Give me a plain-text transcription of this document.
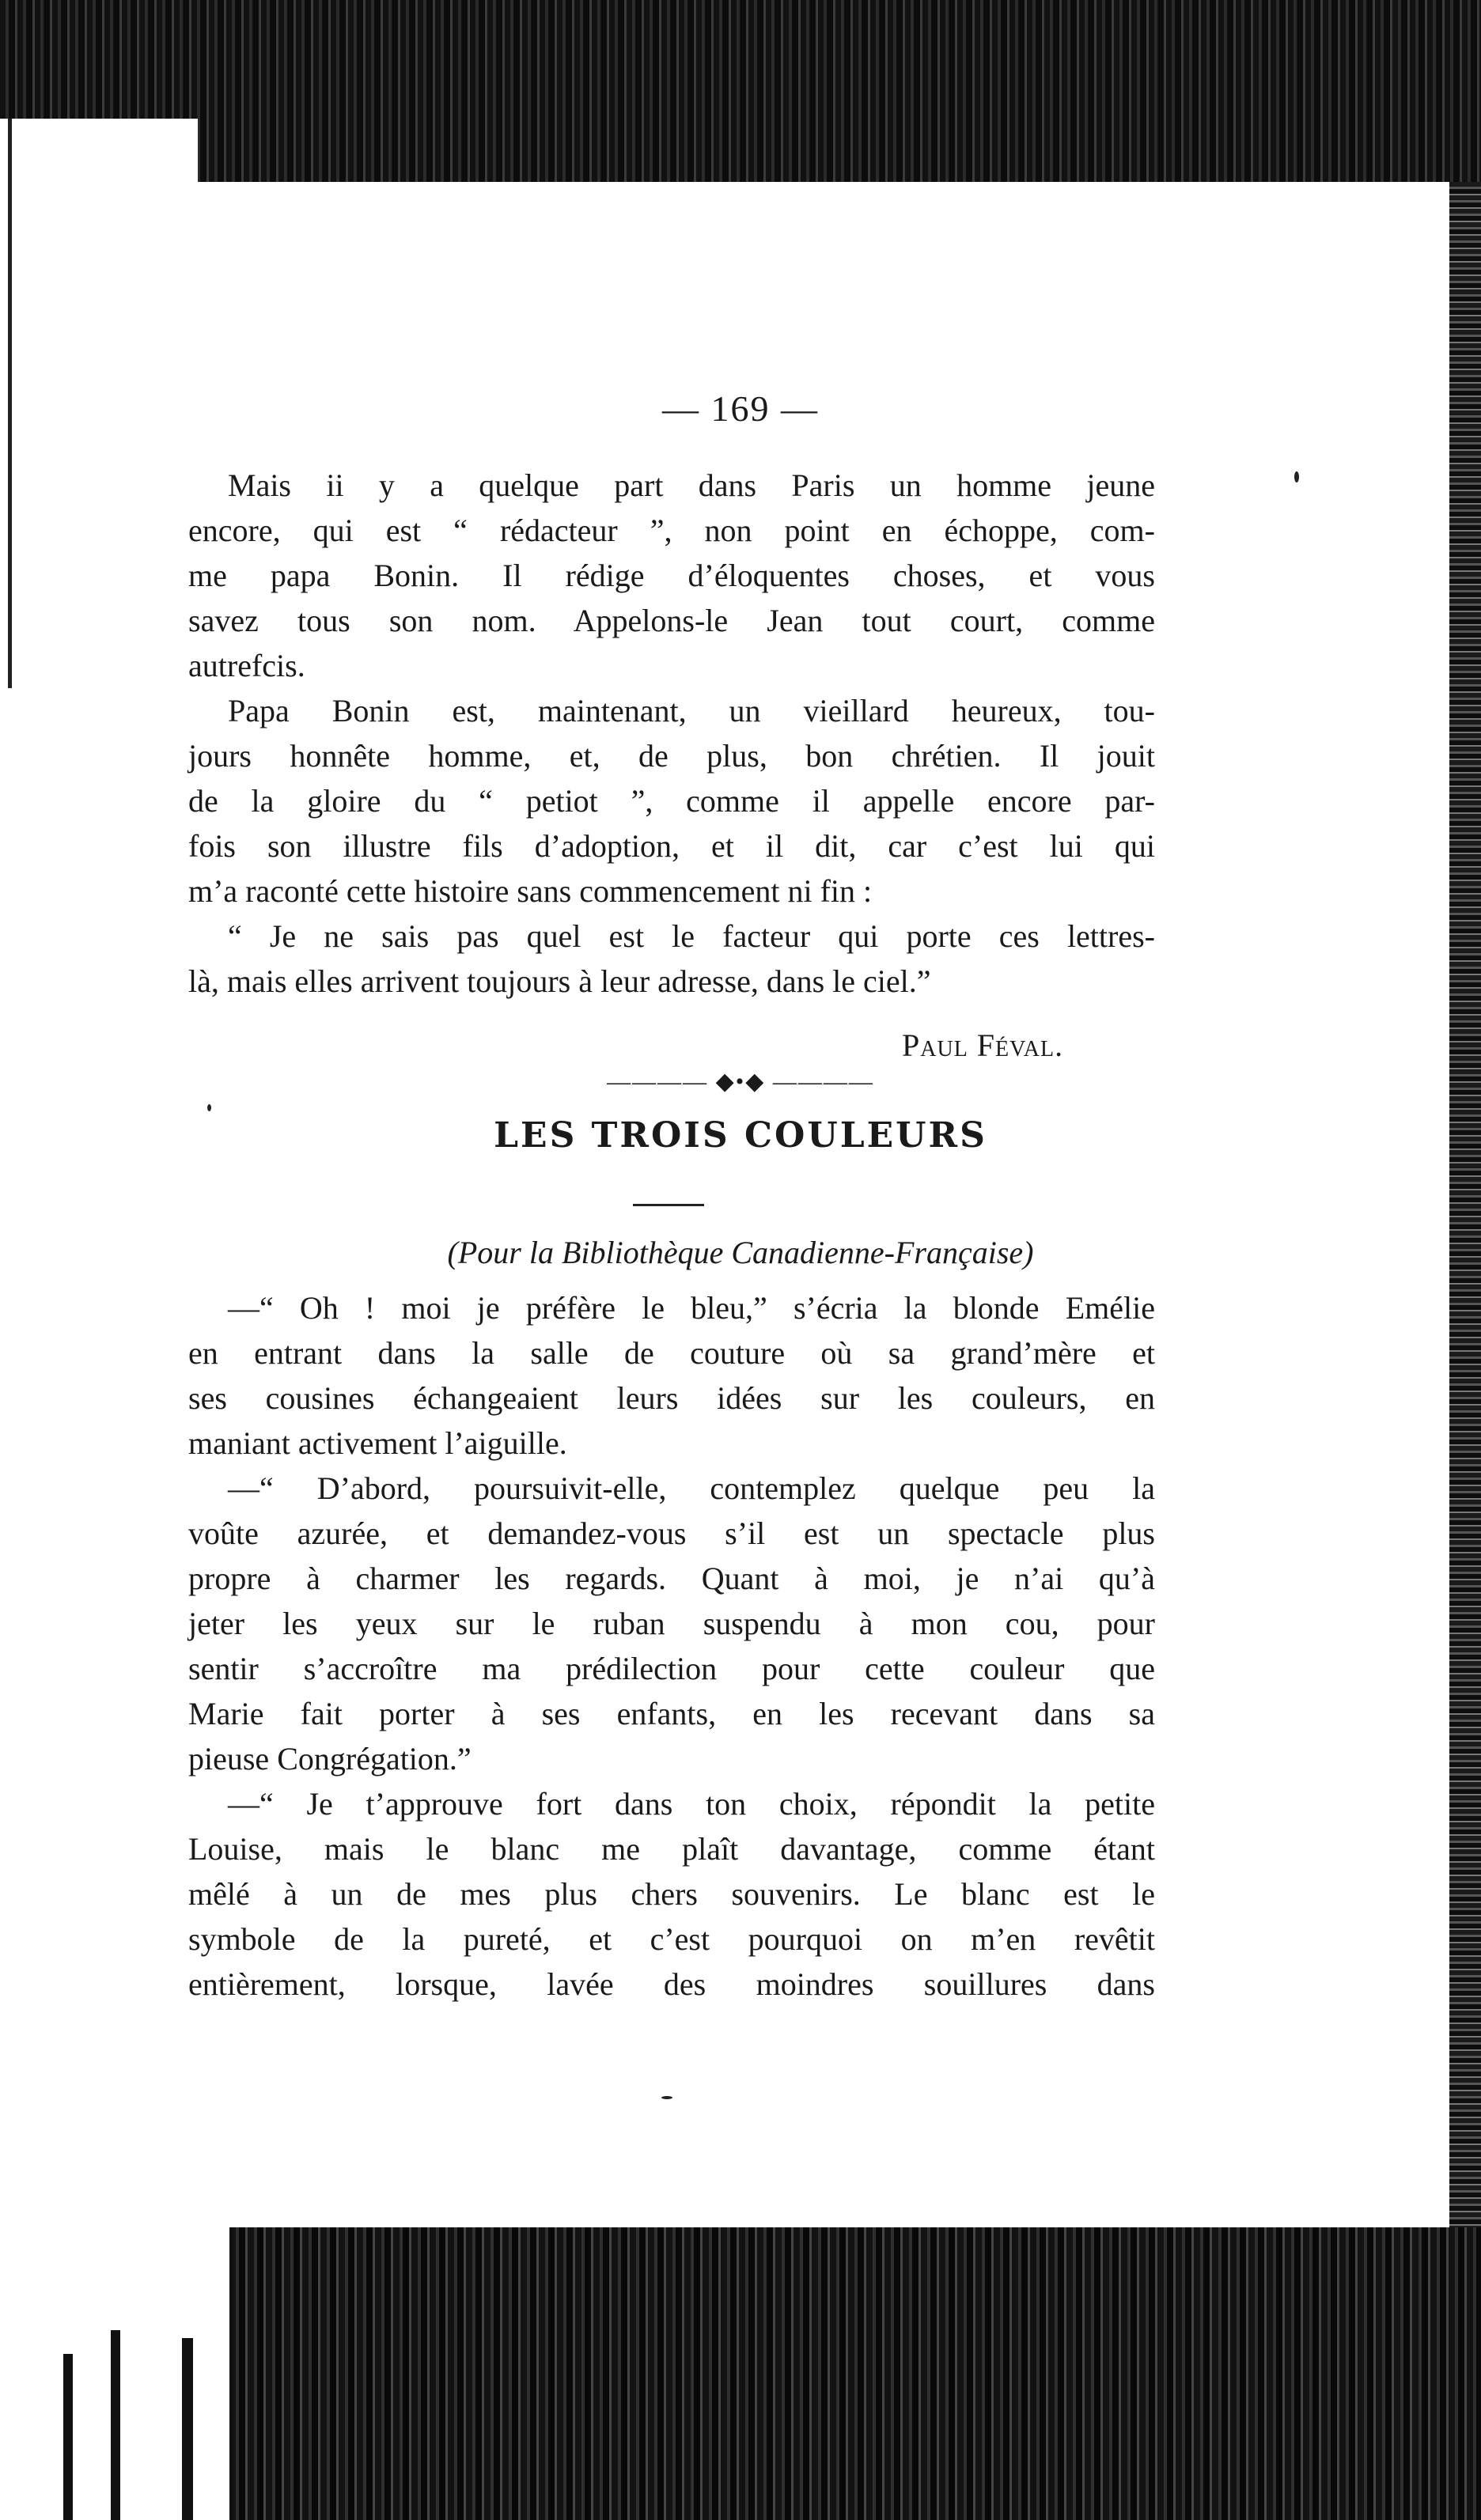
— 169 —

Mais ii y a quelque part dans Paris un homme jeune
encore, qui est “ rédacteur ”, non point en échoppe, com-
me papa Bonin. Il rédige d’éloquentes choses, et vous
savez tous son nom. Appelons-le Jean tout court, comme
autrefcis.

Papa Bonin est, maintenant, un vieillard heureux, tou-
jours honnête homme, et, de plus, bon chrétien. Il jouit
de la gloire du “ petiot ”, comme il appelle encore par-
fois son illustre fils d’adoption, et il dit, car c’est lui qui
m’a raconté cette histoire sans commencement ni fin :

“ Je ne sais pas quel est le facteur qui porte ces lettres-
là, mais elles arrivent toujours à leur adresse, dans le ciel.”

Paul Féval.
———— ◆•◆ ————
LES TROIS COULEURS
(Pour la Bibliothèque Canadienne-Française)

—“ Oh ! moi je préfère le bleu,” s’écria la blonde Emélie
en entrant dans la salle de couture où sa grand’mère et
ses cousines échangeaient leurs idées sur les couleurs, en
maniant activement l’aiguille.

—“ D’abord, poursuivit-elle, contemplez quelque peu la
voûte azurée, et demandez-vous s’il est un spectacle plus
propre à charmer les regards. Quant à moi, je n’ai qu’à
jeter les yeux sur le ruban suspendu à mon cou, pour
sentir s’accroître ma prédilection pour cette couleur que
Marie fait porter à ses enfants, en les recevant dans sa
pieuse Congrégation.”

—“ Je t’approuve fort dans ton choix, répondit la petite
Louise, mais le blanc me plaît davantage, comme étant
mêlé à un de mes plus chers souvenirs. Le blanc est le
symbole de la pureté, et c’est pourquoi on m’en revêtit
entièrement, lorsque, lavée des moindres souillures dans
